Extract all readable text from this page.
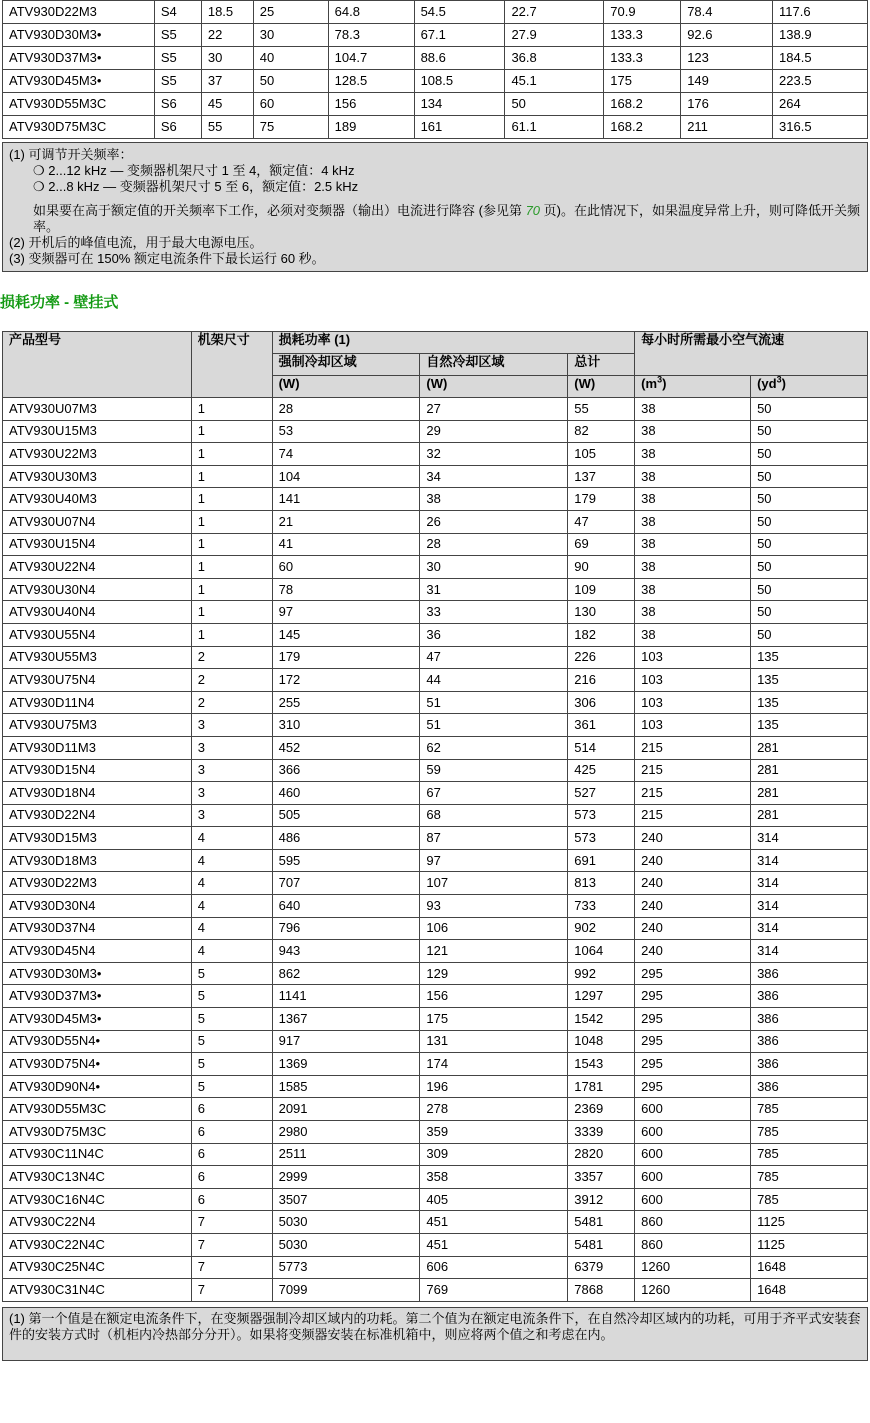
ATV930D22M3	S4	18.5	25	64.8	54.5	22.7	70.9	78.4	117.6
ATV930D30M3•	S5	22	30	78.3	67.1	27.9	133.3	92.6	138.9
ATV930D37M3•	S5	30	40	104.7	88.6	36.8	133.3	123	184.5
ATV930D45M3•	S5	37	50	128.5	108.5	45.1	175	149	223.5
ATV930D55M3C	S6	45	60	156	134	50	168.2	176	264
ATV930D75M3C	S6	55	75	189	161	61.1	168.2	211	316.5
(1) 可调节开关频率：
❍ 2...12 kHz — 变频器机架尺寸 1 至 4，额定值：4 kHz
❍ 2...8 kHz — 变频器机架尺寸 5 至 6，额定值：2.5 kHz
如果要在高于额定值的开关频率下工作，必须对变频器（输出）电流进行降容 (参见第 70 页)。在此情况下，如果温度异常上升，则可降低开关频率。
(2) 开机后的峰值电流，用于最大电源电压。
(3) 变频器可在 150% 额定电流条件下最长运行 60 秒。
损耗功率 - 壁挂式
产品型号	机架尺寸	损耗功率 (1)			每小时所需最小空气流速	
		强制冷却区域	自然冷却区域	总计		
		(W)	(W)	(W)	$(m^3)$	$(yd^3)$
ATV930U07M3	1	28	27	55	38	50
ATV930U15M3	1	53	29	82	38	50
ATV930U22M3	1	74	32	105	38	50
ATV930U30M3	1	104	34	137	38	50
ATV930U40M3	1	141	38	179	38	50
ATV930U07N4	1	21	26	47	38	50
ATV930U15N4	1	41	28	69	38	50
ATV930U22N4	1	60	30	90	38	50
ATV930U30N4	1	78	31	109	38	50
ATV930U40N4	1	97	33	130	38	50
ATV930U55N4	1	145	36	182	38	50
ATV930U55M3	2	179	47	226	103	135
ATV930U75N4	2	172	44	216	103	135
ATV930D11N4	2	255	51	306	103	135
ATV930U75M3	3	310	51	361	103	135
ATV930D11M3	3	452	62	514	215	281
ATV930D15N4	3	366	59	425	215	281
ATV930D18N4	3	460	67	527	215	281
ATV930D22N4	3	505	68	573	215	281
ATV930D15M3	4	486	87	573	240	314
ATV930D18M3	4	595	97	691	240	314
ATV930D22M3	4	707	107	813	240	314
ATV930D30N4	4	640	93	733	240	314
ATV930D37N4	4	796	106	902	240	314
ATV930D45N4	4	943	121	1064	240	314
ATV930D30M3•	5	862	129	992	295	386
ATV930D37M3•	5	1141	156	1297	295	386
ATV930D45M3•	5	1367	175	1542	295	386
ATV930D55N4•	5	917	131	1048	295	386
ATV930D75N4•	5	1369	174	1543	295	386
ATV930D90N4•	5	1585	196	1781	295	386
ATV930D55M3C	6	2091	278	2369	600	785
ATV930D75M3C	6	2980	359	3339	600	785
ATV930C11N4C	6	2511	309	2820	600	785
ATV930C13N4C	6	2999	358	3357	600	785
ATV930C16N4C	6	3507	405	3912	600	785
ATV930C22N4	7	5030	451	5481	860	1125
ATV930C22N4C	7	5030	451	5481	860	1125
ATV930C25N4C	7	5773	606	6379	1260	1648
ATV930C31N4C	7	7099	769	7868	1260	1648
(1) 第一个值是在额定电流条件下，在变频器强制冷却区域内的功耗。第二个值为在额定电流条件下，在自然冷却区域内的功耗，可用于齐平式安装套件的安装方式时（机柜内冷热部分分开）。如果将变频器安装在标准机箱中，则应将两个值之和考虑在内。
